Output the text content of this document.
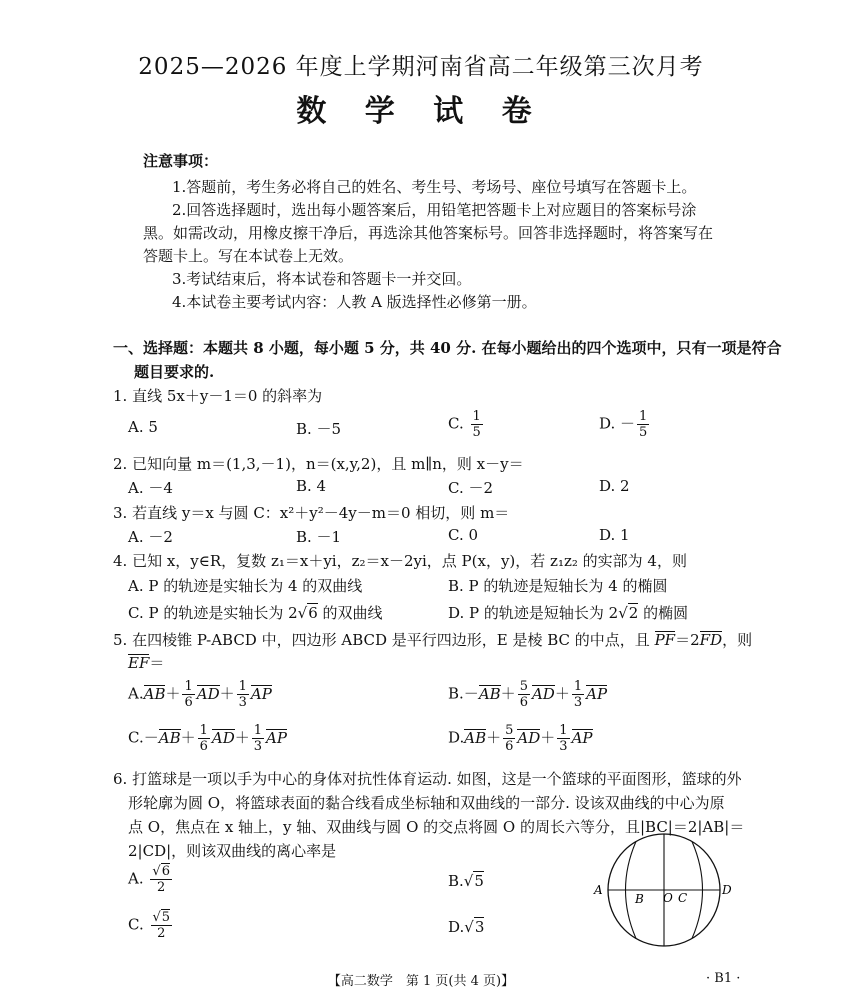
2025—2026 年度上学期河南省高二年级第三次月考
数 学 试 卷
注意事项：
1.答题前，考生务必将自己的姓名、考生号、考场号、座位号填写在答题卡上。
2.回答选择题时，选出每小题答案后，用铅笔把答题卡上对应题目的答案标号涂
黑。如需改动，用橡皮擦干净后，再选涂其他答案标号。回答非选择题时，将答案写在
答题卡上。写在本试卷上无效。
3.考试结束后，将本试卷和答题卡一并交回。
4.本试卷主要考试内容：人教 A 版选择性必修第一册。
一、选择题：本题共 8 小题，每小题 5 分，共 40 分. 在每小题给出的四个选项中，只有一项是符合
题目要求的.
1. 直线 5x＋y－1＝0 的斜率为
A. 5	B. －5	C. $\frac{1}{5}$	D. － $\frac{1}{5}$
2. 已知向量 m＝(1,3,－1)，n＝(x,y,2)，且 m∥n，则 x－y＝
A. －4	B. 4	C. －2	D. 2
3. 若直线 y＝x 与圆 C：x²＋y²－4y－m＝0 相切，则 m＝
A. －2	B. －1	C. 0	D. 1
4. 已知 x，y∈R，复数 z₁＝x＋yi，z₂＝x－2yi，点 P(x，y)，若 z₁z₂ 的实部为 4，则
A. P 的轨迹是实轴长为 4 的双曲线	B. P 的轨迹是短轴长为 4 的椭圆
C. P 的轨迹是实轴长为 2√6 的双曲线	D. P 的轨迹是短轴长为 2√2 的椭圆
5. 在四棱锥 P-ABCD 中，四边形 ABCD 是平行四边形，E 是棱 BC 的中点，且 PF＝2FD，则
EF＝
$A.AB+ \frac{1}{6} AD+ \frac{1}{3}$ AP	$B.-AB+ \frac{5}{6} AD+ \frac{1}{3}$ AP
$C.-AB+ \frac{1}{6} AD+ \frac{1}{3}$ AP	$D.AB+ \frac{5}{6} AD+ \frac{1}{3}$ AP
6. 打篮球是一项以手为中心的身体对抗性体育运动. 如图，这是一个篮球的平面图形，篮球的外
形轮廓为圆 O，将篮球表面的黏合线看成坐标轴和双曲线的一部分. 设该双曲线的中心为原
点 O，焦点在 x 轴上，y 轴、双曲线与圆 O 的交点将圆 O 的周长六等分，且|BC|＝2|AB|＝
2|CD|，则该双曲线的离心率是
A. $\frac{√6}{2}$	B.√5
C. $\frac{√5}{2}$	D.√3
A
B O C
D
【高二数学　第 1 页(共 4 页)】	· B1 ·
